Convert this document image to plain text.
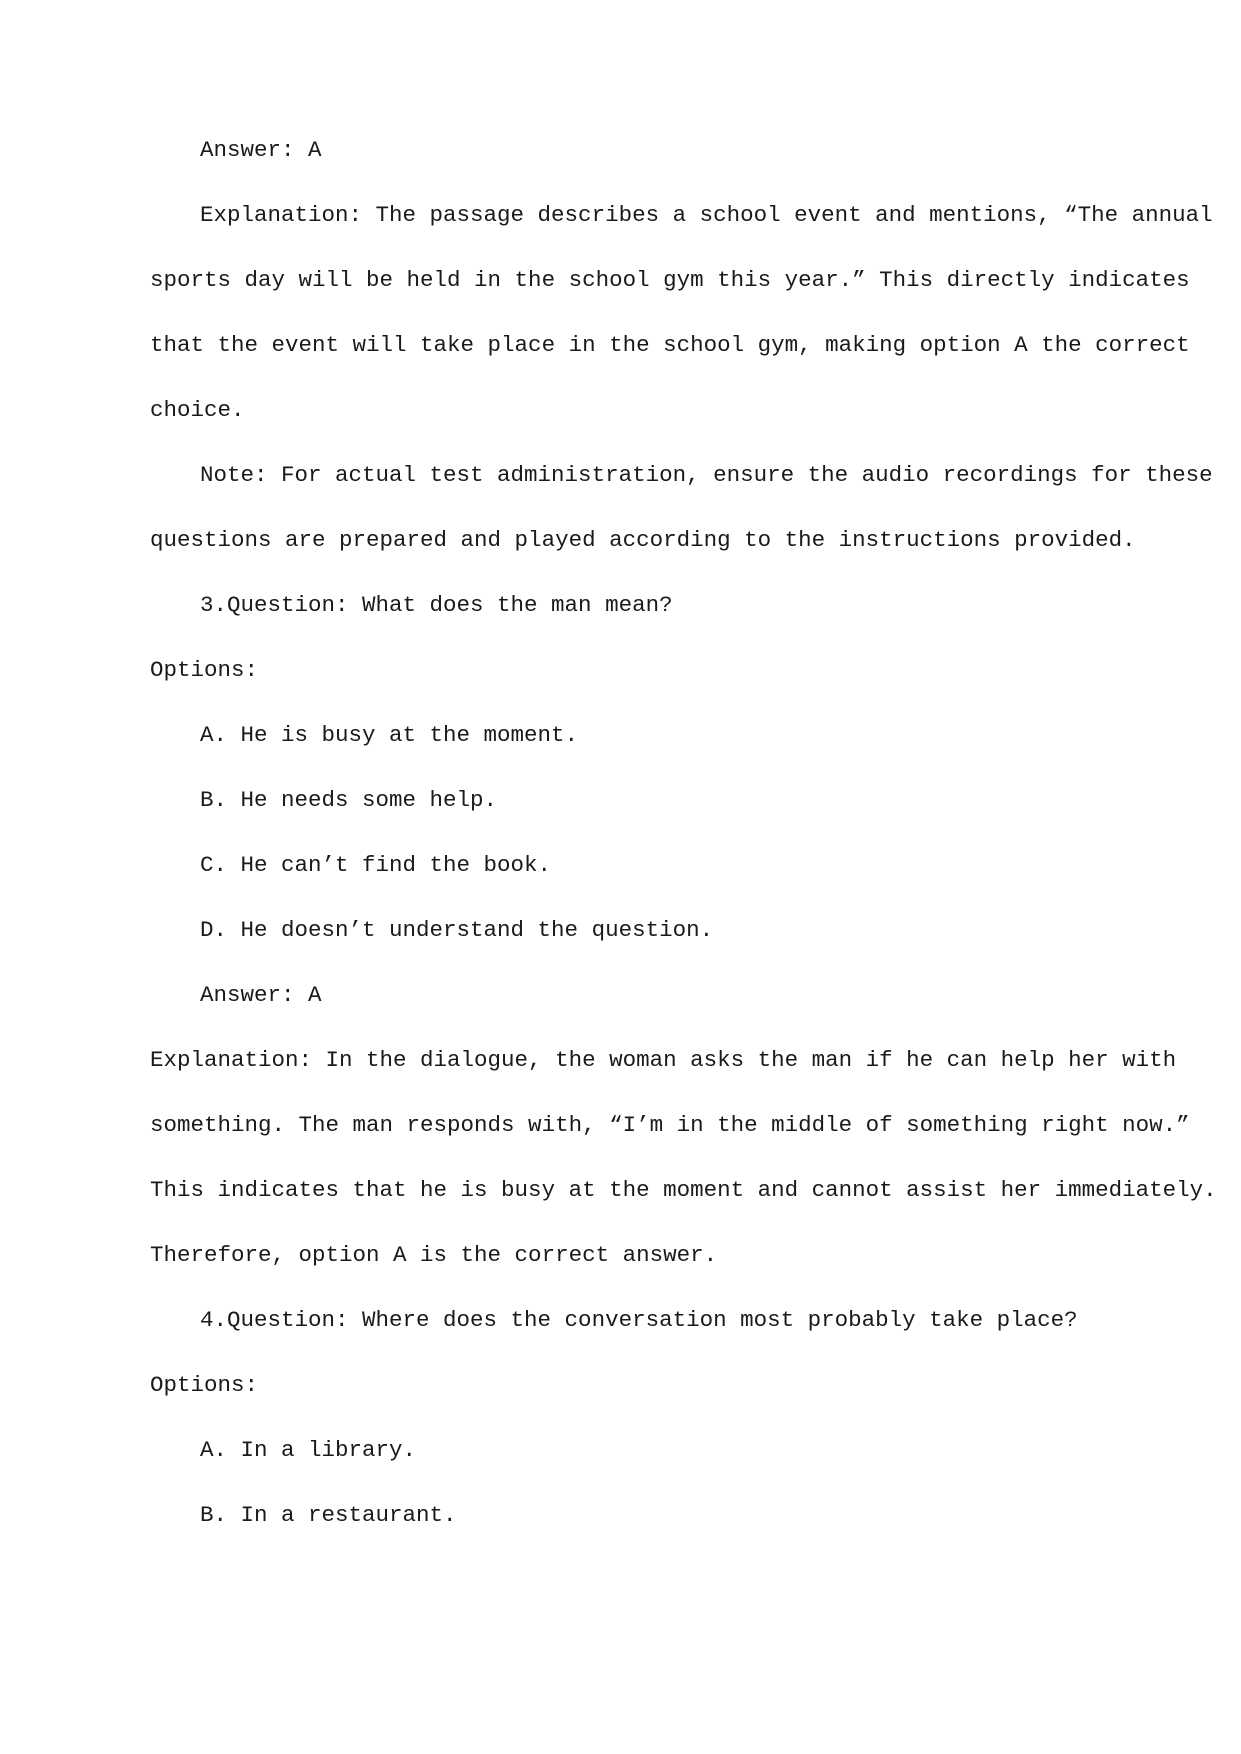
Answer: A
Explanation: The passage describes a school event and mentions, “The annual
sports day will be held in the school gym this year.” This directly indicates
that the event will take place in the school gym, making option A the correct
choice.
Note: For actual test administration, ensure the audio recordings for these
questions are prepared and played according to the instructions provided.
3.Question: What does the man mean?
Options:
A. He is busy at the moment.
B. He needs some help.
C. He can’t find the book.
D. He doesn’t understand the question.
Answer: A
Explanation: In the dialogue, the woman asks the man if he can help her with
something. The man responds with, “I’m in the middle of something right now.”
This indicates that he is busy at the moment and cannot assist her immediately.
Therefore, option A is the correct answer.
4.Question: Where does the conversation most probably take place?
Options:
A. In a library.
B. In a restaurant.
